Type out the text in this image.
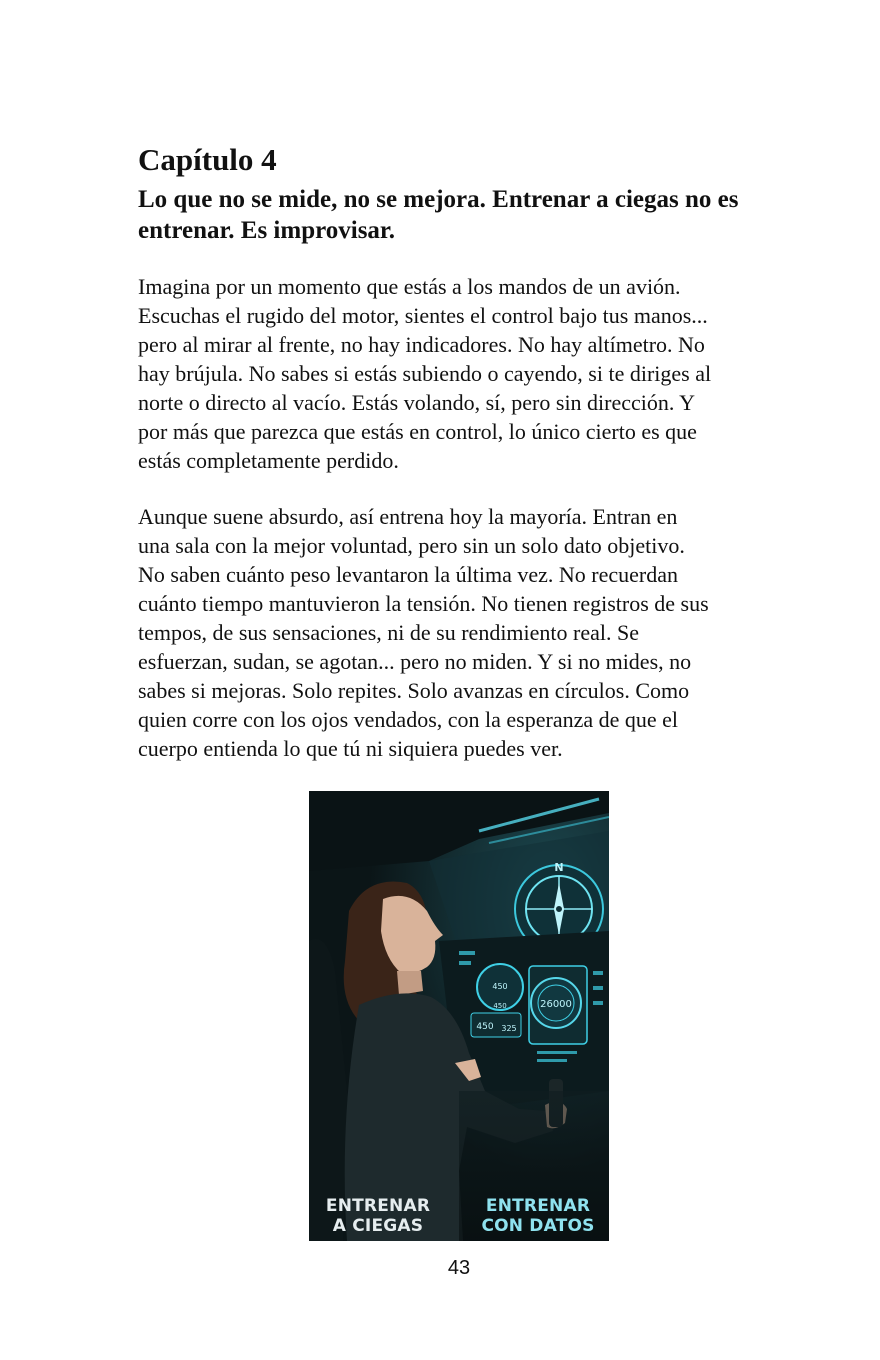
Capítulo 4
Lo que no se mide, no se mejora. Entrenar a ciegas no es entrenar. Es improvisar.

Imagina por un momento que estás a los mandos de un avión.
Escuchas el rugido del motor, sientes el control bajo tus manos...
pero al mirar al frente, no hay indicadores. No hay altímetro. No
hay brújula. No sabes si estás subiendo o cayendo, si te diriges al
norte o directo al vacío. Estás volando, sí, pero sin dirección. Y
por más que parezca que estás en control, lo único cierto es que
estás completamente perdido.

Aunque suene absurdo, así entrena hoy la mayoría. Entran en
una sala con la mejor voluntad, pero sin un solo dato objetivo.
No saben cuánto peso levantaron la última vez. No recuerdan
cuánto tiempo mantuvieron la tensión. No tienen registros de sus
tempos, de sus sensaciones, ni de su rendimiento real. Se
esfuerzan, sudan, se agotan... pero no miden. Y si no mides, no
sabes si mejoras. Solo repites. Solo avanzas en círculos. Como
quien corre con los ojos vendados, con la esperanza de que el
cuerpo entienda lo que tú ni siquiera puedes ver.

N
450
450	26000
450 325
ENTRENAR
A CIEGAS
ENTRENAR
CON DATOS
43
